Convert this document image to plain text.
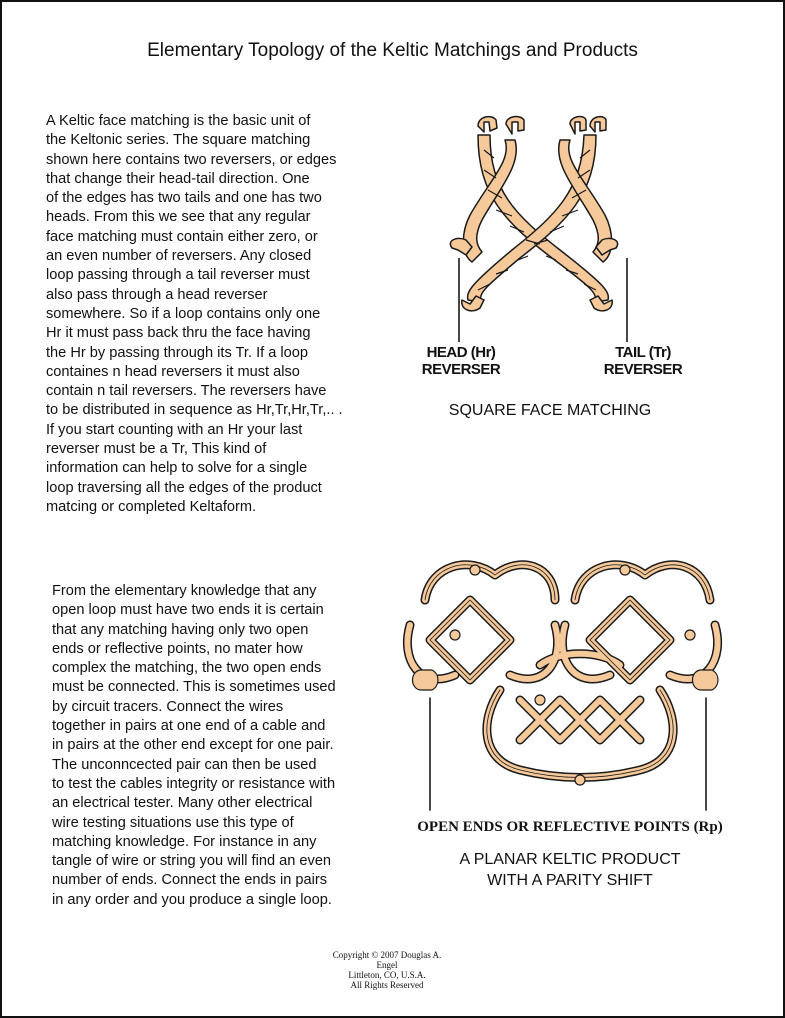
Elementary Topology of the Keltic Matchings and Products

A Keltic face matching is the basic unit of
the Keltonic series. The square matching
shown here contains two reversers, or edges
that change their head-tail direction. One
of the edges has two tails and one has two
heads. From this we see that any regular
face matching must contain either zero, or
an even number of reversers. Any closed
loop passing through a tail reverser must
also pass through a head reverser
somewhere. So if a loop contains only one
Hr it must pass back thru the face having
the Hr by passing through its Tr. If a loop
containes n head reversers it must also
contain n tail reversers. The reversers have
to be distributed in sequence as Hr,Tr,Hr,Tr,.. .
If you start counting with an Hr your last
reverser must be a Tr, This kind of
information can help to solve for a single
loop traversing all the edges of the product
matcing or completed Keltaform.

From the elementary knowledge that any
open loop must have two ends it is certain
that any matching having only two open
ends or reflective points, no mater how
complex the matching, the two open ends
must be connected. This is sometimes used
by circuit tracers. Connect the wires
together in pairs at one end of a cable and
in pairs at the other end except for one pair.
The unconncected pair can then be used
to test the cables integrity or resistance with
an electrical tester. Many other electrical
wire testing situations use this type of
matching knowledge. For instance in any
tangle of wire or string you will find an even
number of ends. Connect the ends in pairs
in any order and you produce a single loop.

HEAD (Hr)
REVERSER
TAIL (Tr)
REVERSER
SQUARE FACE MATCHING
OPEN ENDS OR REFLECTIVE POINTS (Rp)
A PLANAR KELTIC PRODUCT
WITH A PARITY SHIFT
Copyright © 2007 Douglas A. Engel
Littleton, CO, U.S.A.
All Rights Reserved
